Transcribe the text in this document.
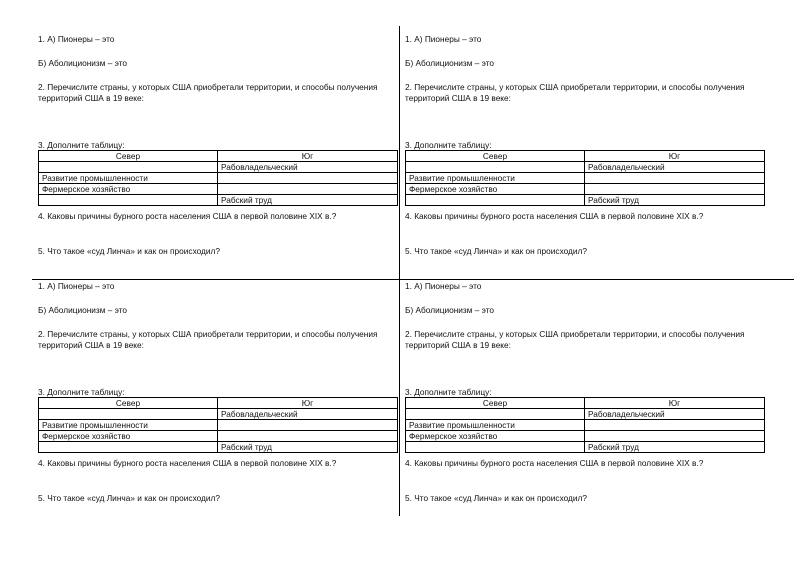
1. А) Пионеры – это
Б) Аболиционизм – это
2. Перечислите страны, у которых США приобретали территории, и способы получения территорий США в 19 веке:
3. Дополните таблицу:
Север	Юг
	Рабовладельческий
Развитие промышленности	
Фермерское хозяйство	
	Рабский труд
4. Каковы причины бурного роста населения США в первой половине XIX в.?
5. Что такое «суд Линча» и как он происходил?
1. А) Пионеры – это
Б) Аболиционизм – это
2. Перечислите страны, у которых США приобретали территории, и способы получения территорий США в 19 веке:
3. Дополните таблицу:
Север	Юг
	Рабовладельческий
Развитие промышленности	
Фермерское хозяйство	
	Рабский труд
4. Каковы причины бурного роста населения США в первой половине XIX в.?
5. Что такое «суд Линча» и как он происходил?
1. А) Пионеры – это
Б) Аболиционизм – это
2. Перечислите страны, у которых США приобретали территории, и способы получения территорий США в 19 веке:
3. Дополните таблицу:
Север	Юг
	Рабовладельческий
Развитие промышленности	
Фермерское хозяйство	
	Рабский труд
4. Каковы причины бурного роста населения США в первой половине XIX в.?
5. Что такое «суд Линча» и как он происходил?
1. А) Пионеры – это
Б) Аболиционизм – это
2. Перечислите страны, у которых США приобретали территории, и способы получения территорий США в 19 веке:
3. Дополните таблицу:
Север	Юг
	Рабовладельческий
Развитие промышленности	
Фермерское хозяйство	
	Рабский труд
4. Каковы причины бурного роста населения США в первой половине XIX в.?
5. Что такое «суд Линча» и как он происходил?
